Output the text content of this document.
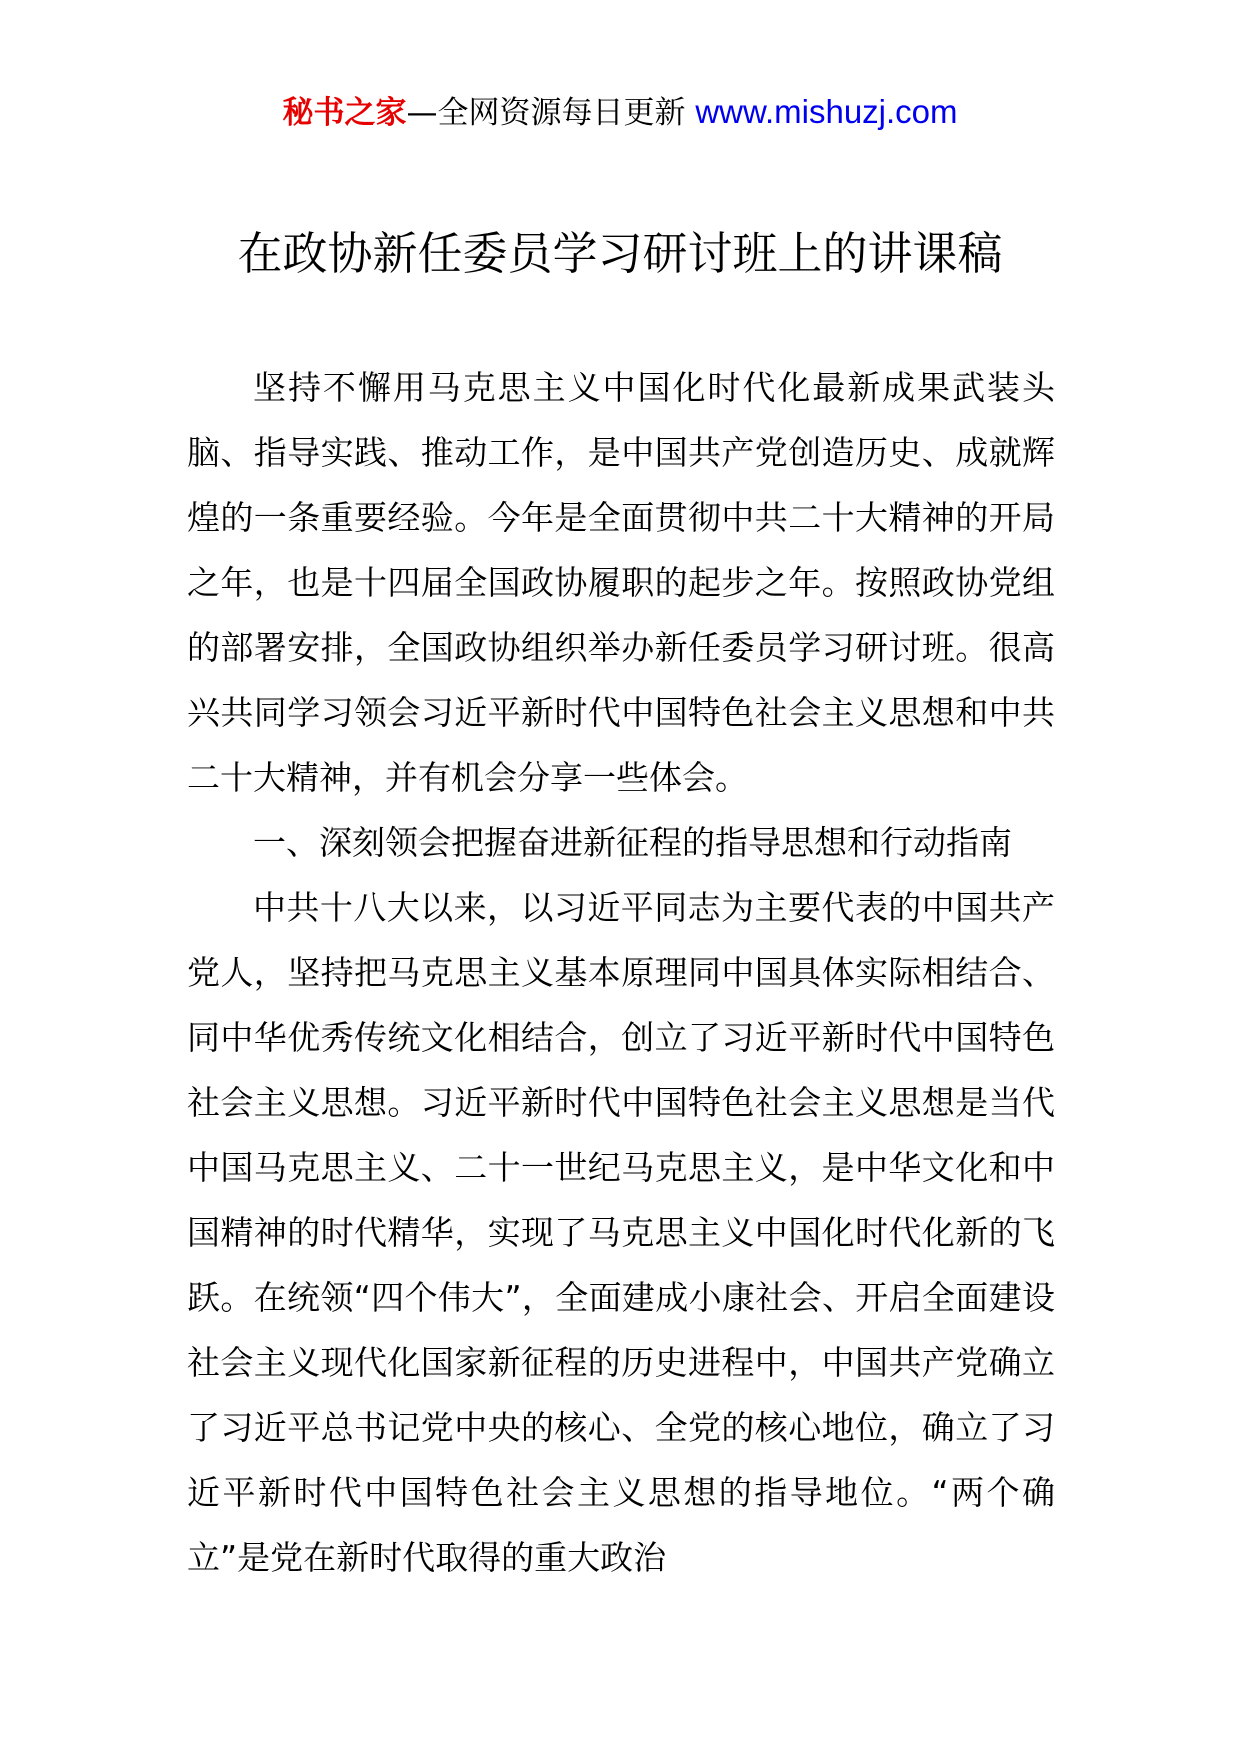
秘书之家—全网资源每日更新 www.mishuzj.com
在政协新任委员学习研讨班上的讲课稿

坚持不懈用马克思主义中国化时代化最新成果武装头脑、指导实践、推动工作，是中国共产党创造历史、成就辉煌的一条重要经验。今年是全面贯彻中共二十大精神的开局之年，也是十四届全国政协履职的起步之年。按照政协党组的部署安排，全国政协组织举办新任委员学习研讨班。很高兴共同学习领会习近平新时代中国特色社会主义思想和中共二十大精神，并有机会分享一些体会。

一、深刻领会把握奋进新征程的指导思想和行动指南

中共十八大以来，以习近平同志为主要代表的中国共产党人，坚持把马克思主义基本原理同中国具体实际相结合、同中华优秀传统文化相结合，创立了习近平新时代中国特色社会主义思想。习近平新时代中国特色社会主义思想是当代中国马克思主义、二十一世纪马克思主义，是中华文化和中国精神的时代精华，实现了马克思主义中国化时代化新的飞跃。在统领“四个伟大”，全面建成小康社会、开启全面建设社会主义现代化国家新征程的历史进程中，中国共产党确立了习近平总书记党中央的核心、全党的核心地位，确立了习近平新时代中国特色社会主义思想的指导地位。“两个确立”是党在新时代取得的重大政治
